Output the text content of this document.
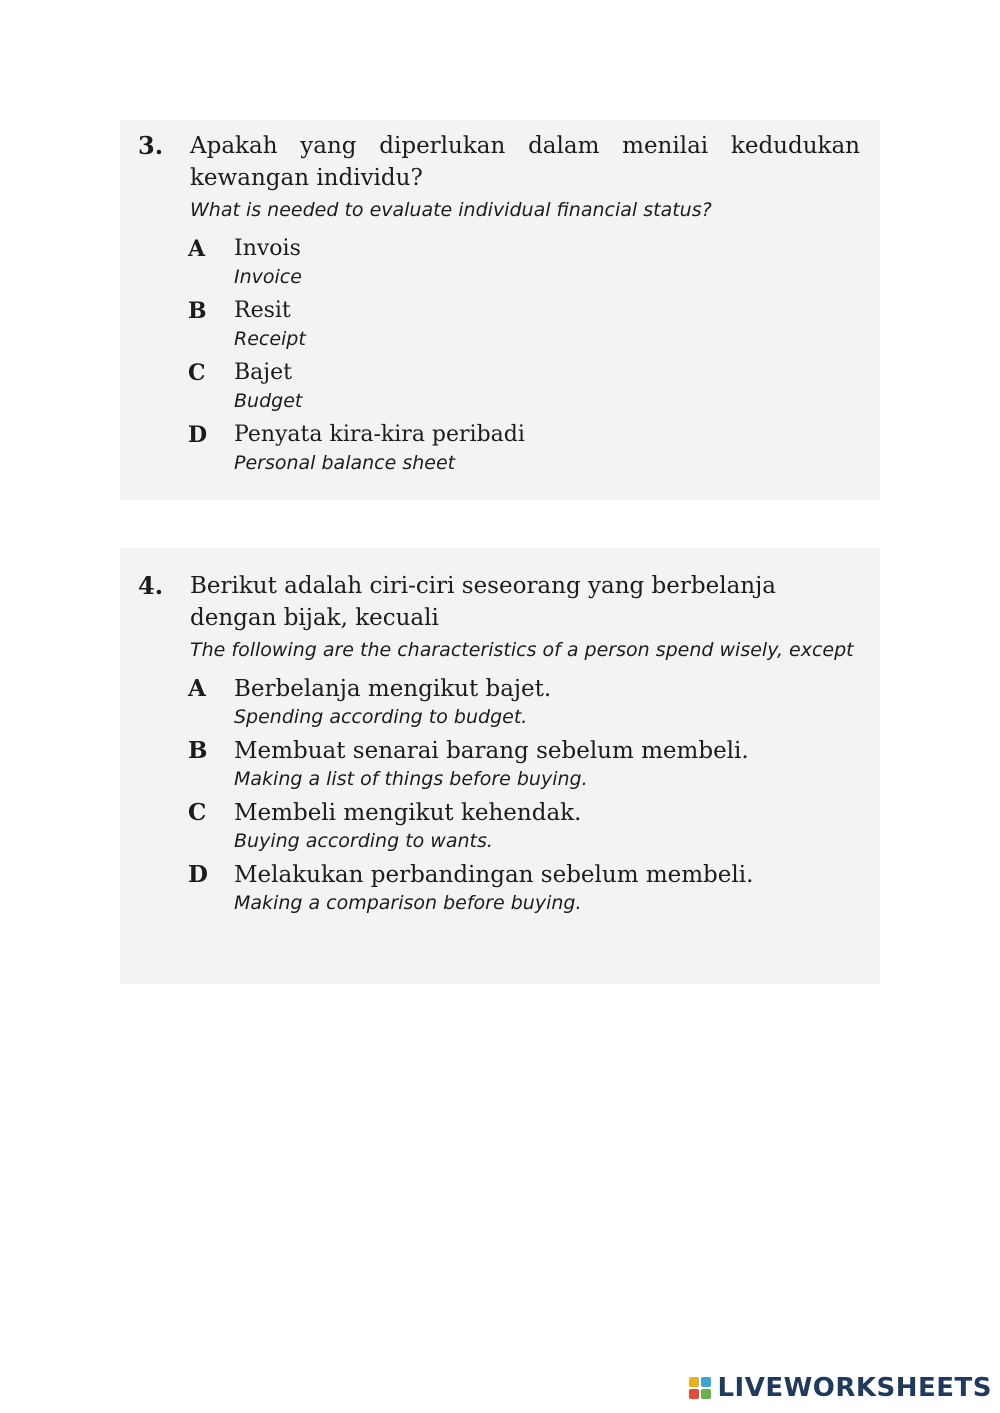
3. Apakah yang diperlukan dalam menilai kedudukan kewangan individu?
What is needed to evaluate individual financial status?
A Invois
Invoice
B Resit
Receipt
C Bajet
Budget
D Penyata kira-kira peribadi
Personal balance sheet
4. Berikut adalah ciri-ciri seseorang yang berbelanja dengan bijak, kecuali
The following are the characteristics of a person spend wisely, except
A Berbelanja mengikut bajet.
Spending according to budget.
B Membuat senarai barang sebelum membeli.
Making a list of things before buying.
C Membeli mengikut kehendak.
Buying according to wants.
D Melakukan perbandingan sebelum membeli.
Making a comparison before buying.
LIVEWORKSHEETS
